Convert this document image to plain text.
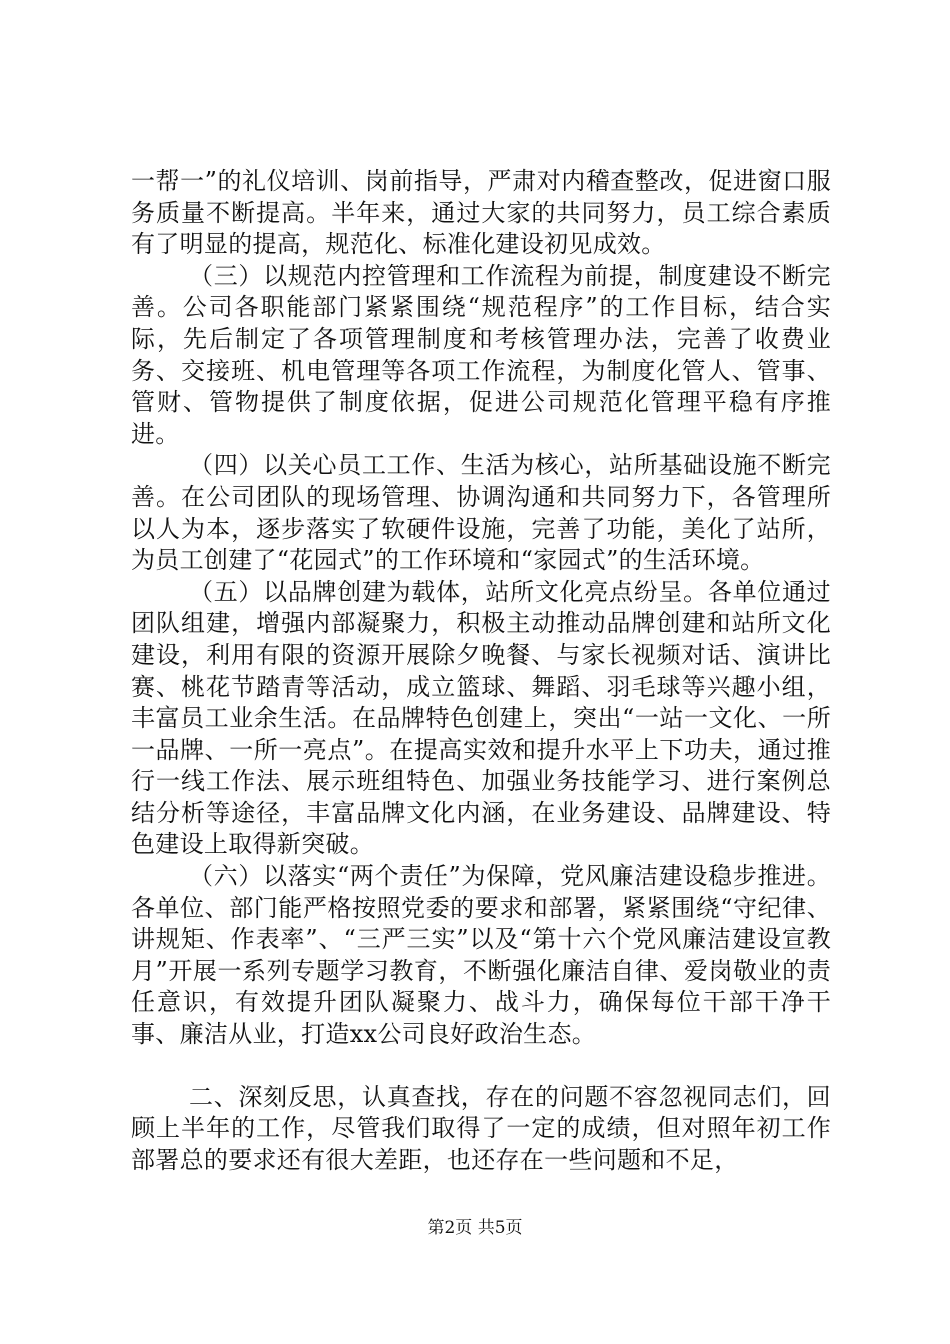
一帮一”的礼仪培训、岗前指导，严肃对内稽查整改，促进窗口服务质量不断提高。半年来，通过大家的共同努力，员工综合素质有了明显的提高，规范化、标准化建设初见成效。

（三）以规范内控管理和工作流程为前提，制度建设不断完善。公司各职能部门紧紧围绕“规范程序”的工作目标，结合实际，先后制定了各项管理制度和考核管理办法，完善了收费业务、交接班、机电管理等各项工作流程，为制度化管人、管事、管财、管物提供了制度依据，促进公司规范化管理平稳有序推进。

（四）以关心员工工作、生活为核心，站所基础设施不断完善。在公司团队的现场管理、协调沟通和共同努力下，各管理所以人为本，逐步落实了软硬件设施，完善了功能，美化了站所，为员工创建了“花园式”的工作环境和“家园式”的生活环境。

（五）以品牌创建为载体，站所文化亮点纷呈。各单位通过团队组建，增强内部凝聚力，积极主动推动品牌创建和站所文化建设，利用有限的资源开展除夕晚餐、与家长视频对话、演讲比赛、桃花节踏青等活动，成立篮球、舞蹈、羽毛球等兴趣小组，丰富员工业余生活。在品牌特色创建上，突出“一站一文化、一所一品牌、一所一亮点”。在提高实效和提升水平上下功夫，通过推行一线工作法、展示班组特色、加强业务技能学习、进行案例总结分析等途径，丰富品牌文化内涵，在业务建设、品牌建设、特色建设上取得新突破。

（六）以落实“两个责任”为保障，党风廉洁建设稳步推进。各单位、部门能严格按照党委的要求和部署，紧紧围绕“守纪律、讲规矩、作表率”、“三严三实”以及“第十六个党风廉洁建设宣教月”开展一系列专题学习教育，不断强化廉洁自律、爱岗敬业的责任意识，有效提升团队凝聚力、战斗力，确保每位干部干净干事、廉洁从业，打造xx公司良好政治生态。

二、深刻反思，认真查找，存在的问题不容忽视同志们，回顾上半年的工作，尽管我们取得了一定的成绩，但对照年初工作部署总的要求还有很大差距，也还存在一些问题和不足，

第2页 共5页
